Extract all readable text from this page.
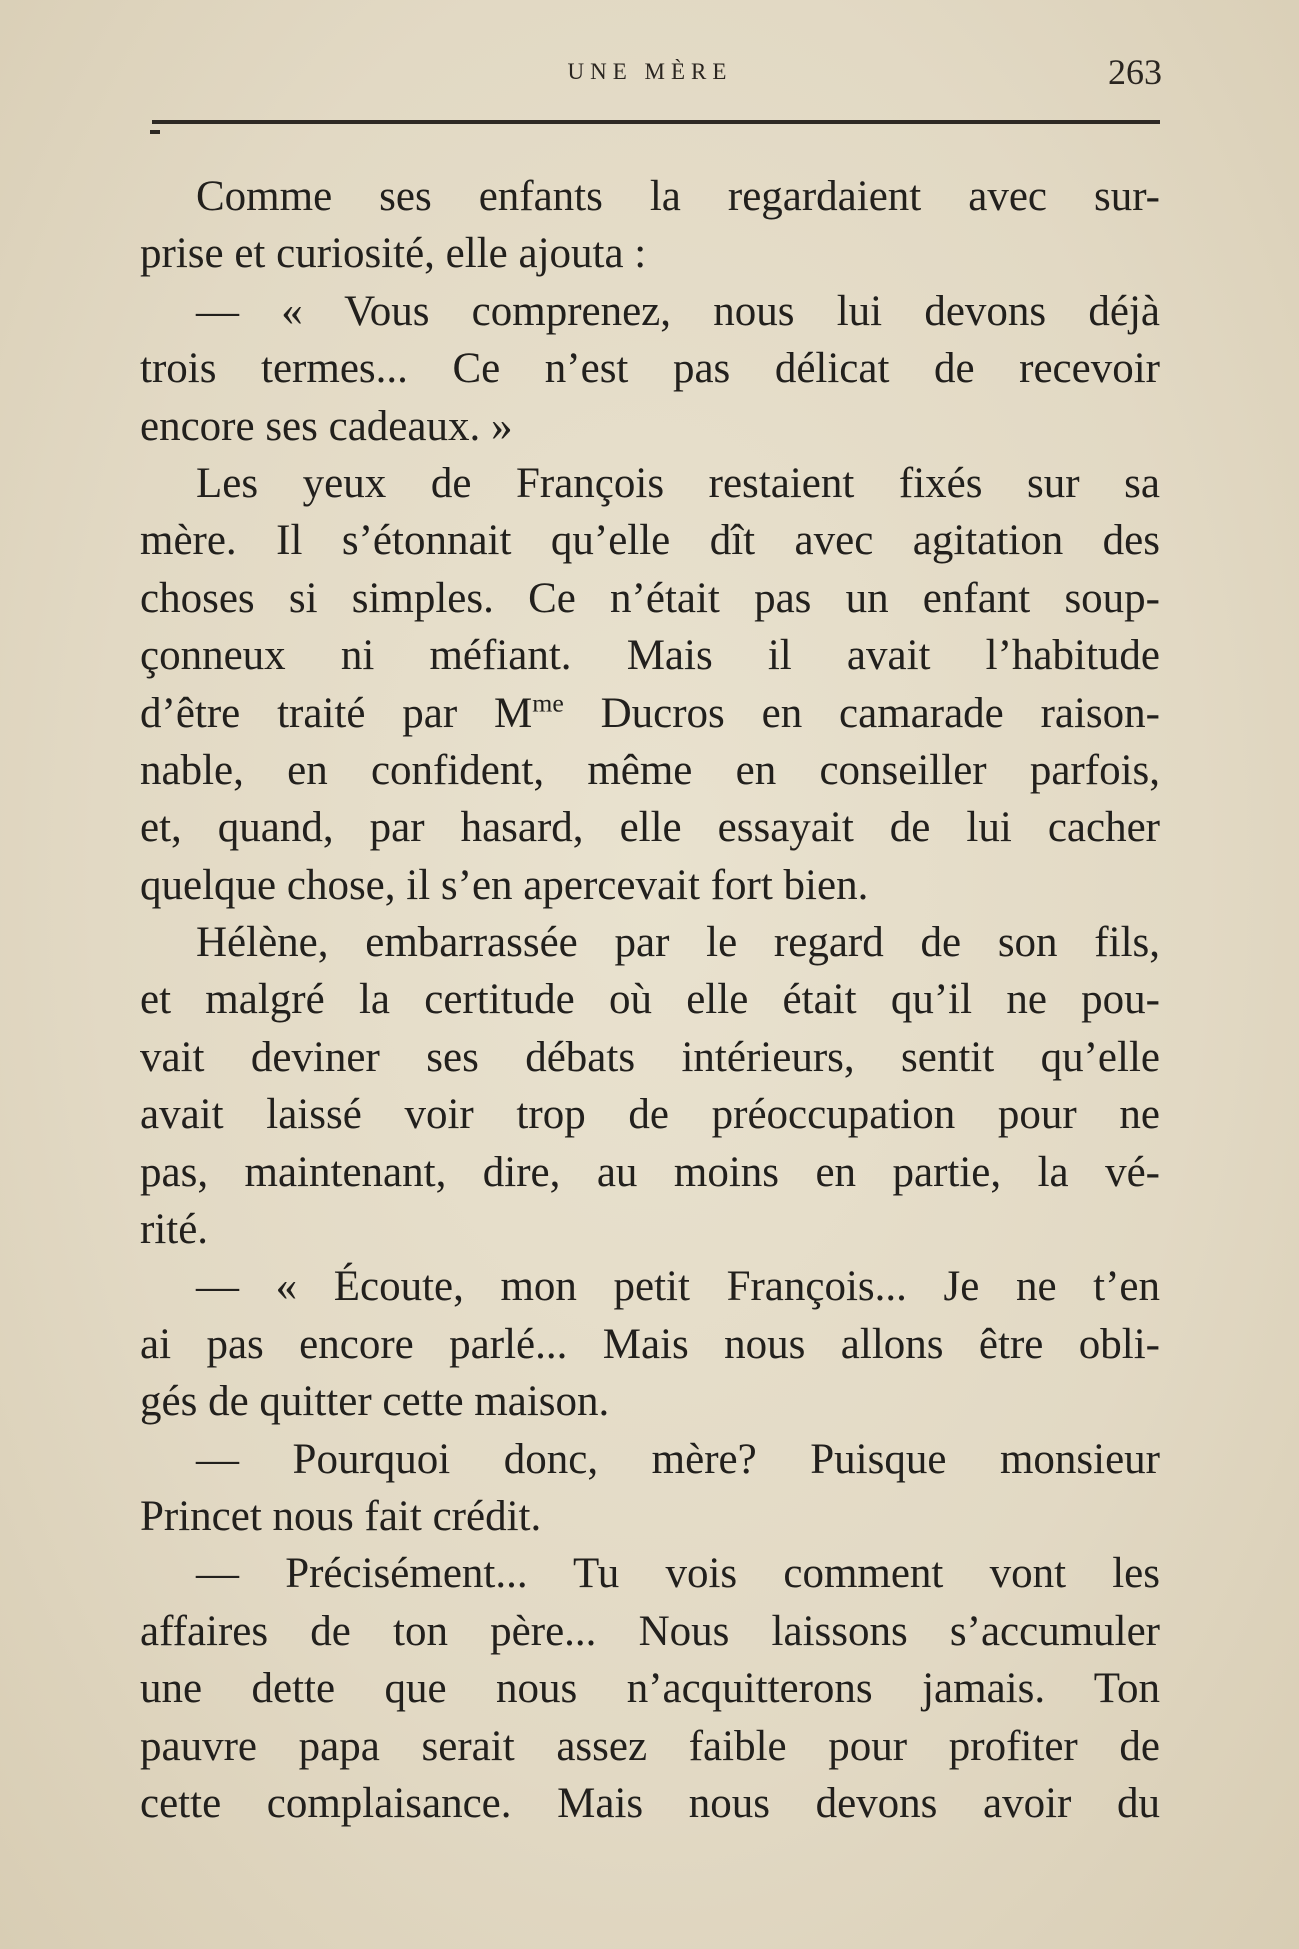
UNE MÈRE	263
Comme ses enfants la regardaient avec sur-
prise et curiosité, elle ajouta :
— « Vous comprenez, nous lui devons déjà
trois termes... Ce n’est pas délicat de recevoir
encore ses cadeaux. »
Les yeux de François restaient fixés sur sa
mère. Il s’étonnait qu’elle dît avec agitation des
choses si simples. Ce n’était pas un enfant soup-
çonneux ni méfiant. Mais il avait l’habitude
d’être traité par $M^{me}$ Ducros en camarade raison-
nable, en confident, même en conseiller parfois,
et, quand, par hasard, elle essayait de lui cacher
quelque chose, il s’en apercevait fort bien.
Hélène, embarrassée par le regard de son fils,
et malgré la certitude où elle était qu’il ne pou-
vait deviner ses débats intérieurs, sentit qu’elle
avait laissé voir trop de préoccupation pour ne
pas, maintenant, dire, au moins en partie, la vé-
rité.
— « Écoute, mon petit François... Je ne t’en
ai pas encore parlé... Mais nous allons être obli-
gés de quitter cette maison.
— Pourquoi donc, mère? Puisque monsieur
Princet nous fait crédit.
— Précisément... Tu vois comment vont les
affaires de ton père... Nous laissons s’accumuler
une dette que nous n’acquitterons jamais. Ton
pauvre papa serait assez faible pour profiter de
cette complaisance. Mais nous devons avoir du
